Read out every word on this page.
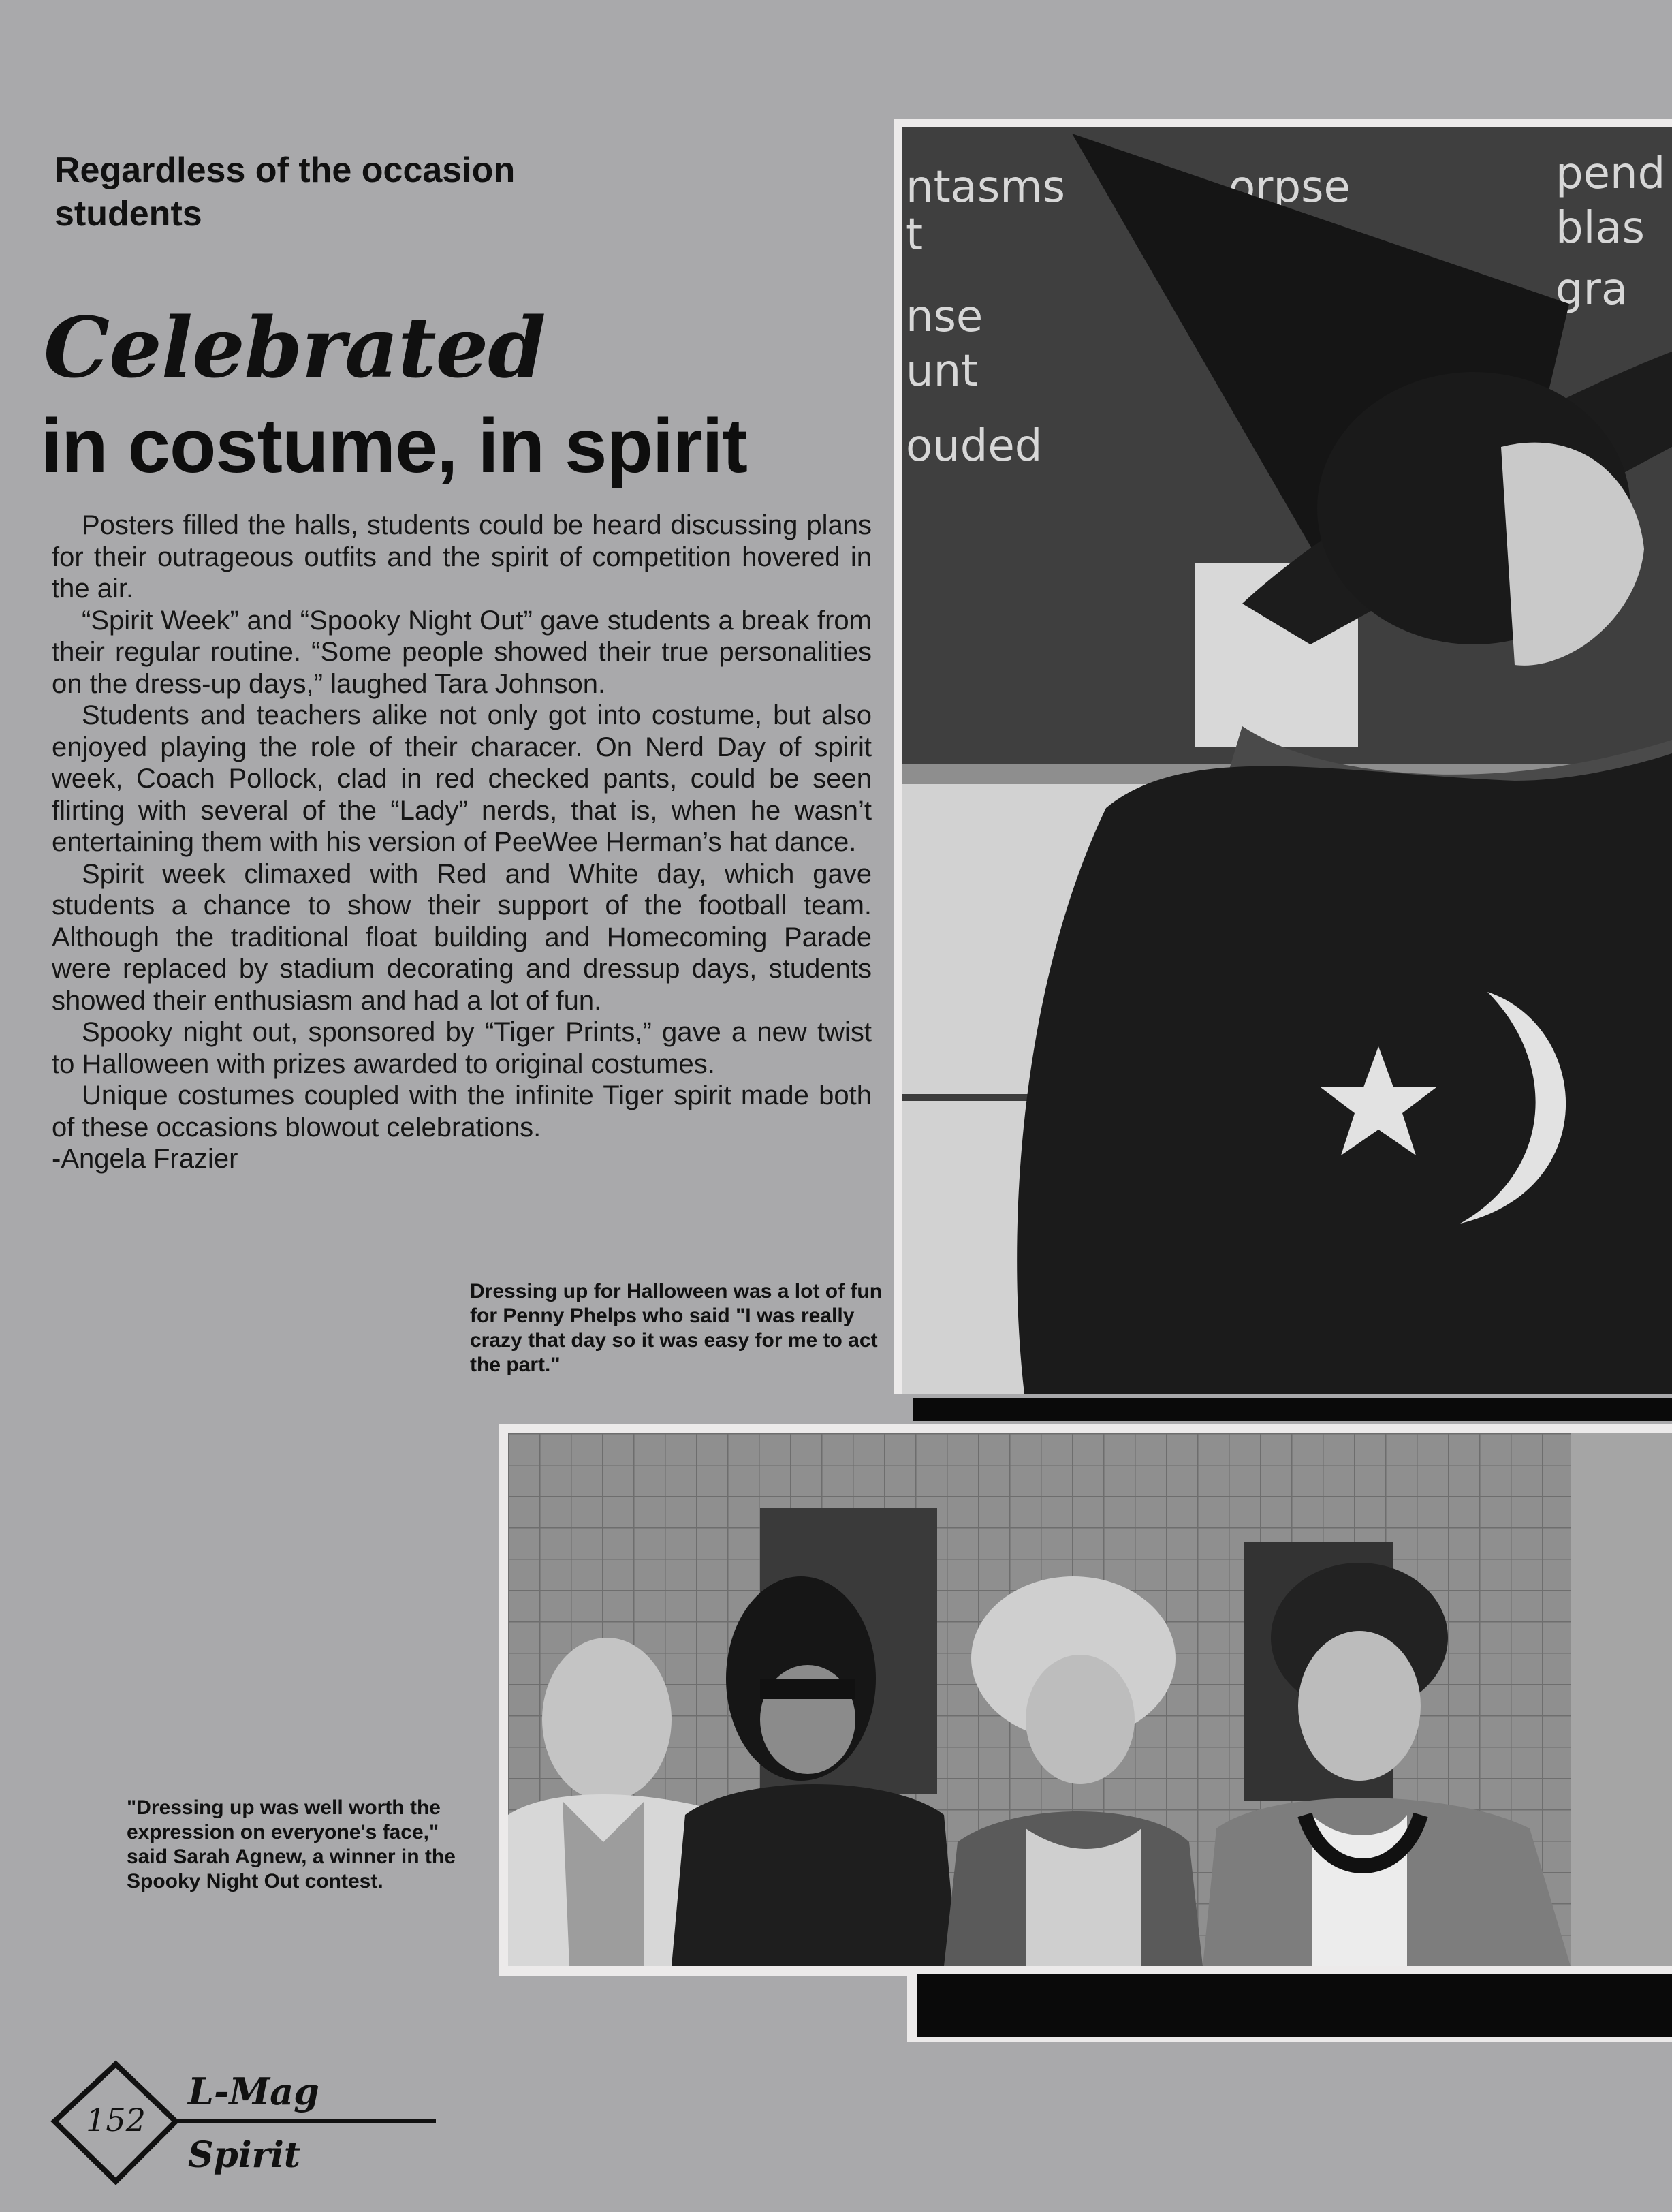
Regardless of the occasion students
Celebrated
in costume, in spirit

Posters filled the halls, students could be heard discussing plans for their outrageous outfits and the spirit of competition hovered in the air.

“Spirit Week” and “Spooky Night Out” gave students a break from their regular routine. “Some people showed their true personalities on the dress-up days,” laughed Tara Johnson.

Students and teachers alike not only got into costume, but also enjoyed playing the role of their characer. On Nerd Day of spirit week, Coach Pollock, clad in red checked pants, could be seen flirting with several of the “Lady” nerds, that is, when he wasn’t entertaining them with his version of PeeWee Herman’s hat dance.

Spirit week climaxed with Red and White day, which gave students a chance to show their support of the football team. Although the traditional float building and Homecoming Parade were replaced by stadium decorating and dressup days, students showed their enthusiasm and had a lot of fun.

Spooky night out, sponsored by “Tiger Prints,” gave a new twist to Halloween with prizes awarded to original costumes.

Unique costumes coupled with the infinite Tiger spirit made both of these occasions blowout celebrations.

-Angela Frazier

ntasms
t
nse
unt
ouded
orpse	pend
blas
gra
Dressing up for Halloween was a lot of fun for Penny Phelps who said "I was really crazy that day so it was easy for me to act the part."
"Dressing up was well worth the expression on everyone's face," said Sarah Agnew, a winner in the Spooky Night Out contest.
152
L-Mag
Spirit
